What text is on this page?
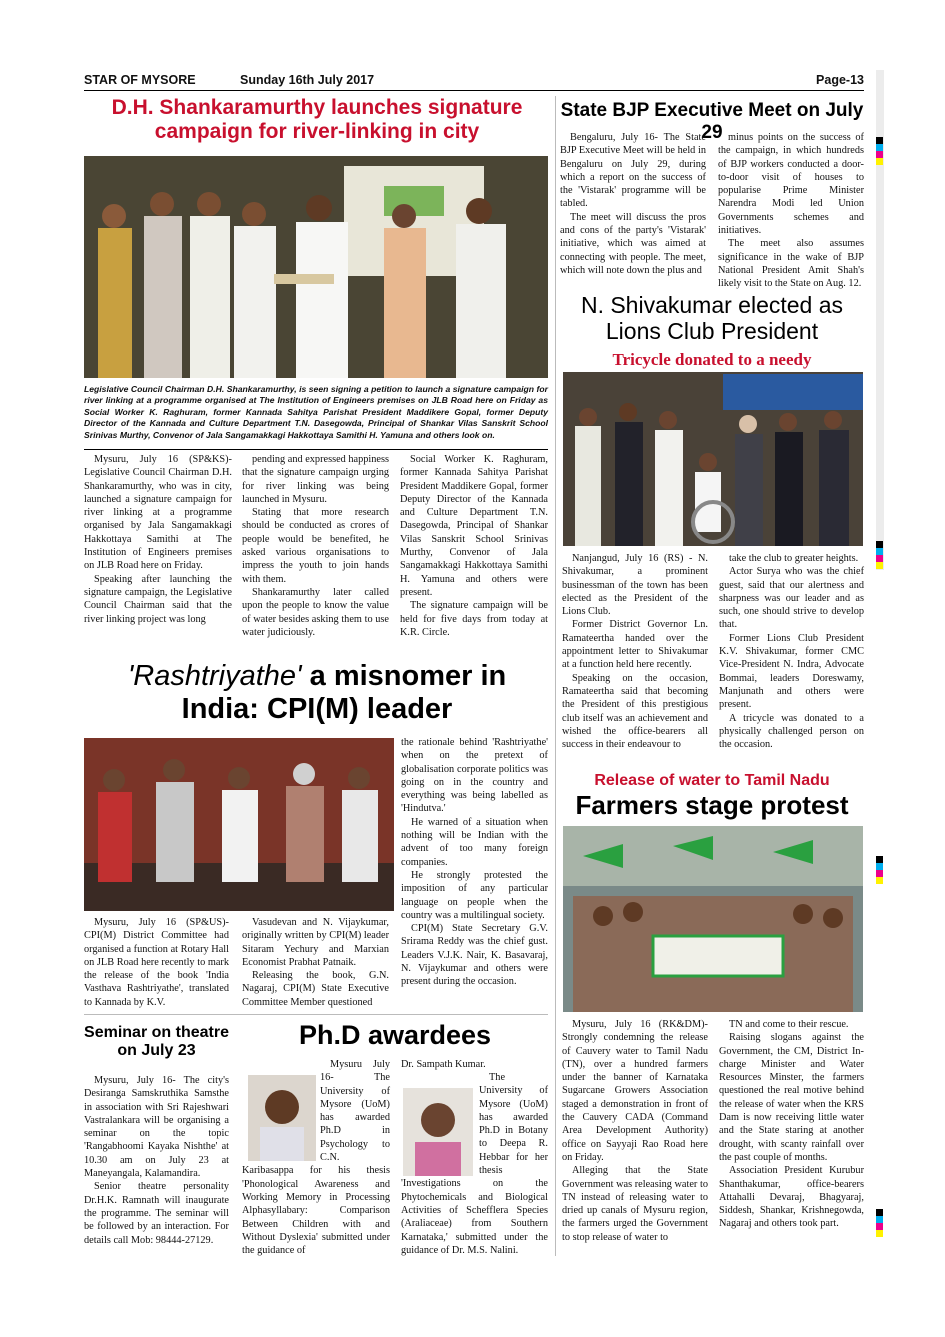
STAR OF MYSORE	Sunday 16th July 2017	Page-13
D.H. Shankaramurthy launches signature
campaign for river-linking in city
Legislative Council Chairman D.H. Shankaramurthy, is seen signing a petition to launch a signature campaign for river linking at a programme organised at The Institution of Engineers premises on JLB Road here on Friday as Social Worker K. Raghuram, former Kannada Sahitya Parishat President Maddikere Gopal, former Deputy Director of the Kannada and Culture Department T.N. Dasegowda, Principal of Shankar Vilas Sanskrit School Srinivas Murthy, Convenor of Jala Sangamakkagi Hakkottaya Samithi H. Yamuna and others look on.

Mysuru, July 16 (SP&KS)- Legislative Council Chairman D.H. Shankaramurthy, who was in city, launched a signature campaign for river linking at a programme organised by Jala Sangamakkagi Hakkottaya Samithi at The Institution of Engineers premises on JLB Road here on Friday.

Speaking after launching the signature campaign, the Legislative Council Chairman said that the river linking project was long

pending and expressed happiness that the signature campaign urging for river linking was being launched in Mysuru.

Stating that more research should be conducted as crores of people would be benefited, he asked various organisations to impress the youth to join hands with them.

Shankaramurthy later called upon the people to know the value of water besides asking them to use water judiciously.

Social Worker K. Raghuram, former Kannada Sahitya Parishat President Maddikere Gopal, former Deputy Director of the Kannada and Culture Department T.N. Dasegowda, Principal of Shankar Vilas Sanskrit School Srinivas Murthy, Convenor of Jala Sangamakkagi Hakkottaya Samithi H. Yamuna and others were present.

The signature campaign will be held for five days from today at K.R. Circle.

State BJP Executive Meet on July 29

Bengaluru, July 16- The State BJP Executive Meet will be held in Bengaluru on July 29, during which a report on the success of the 'Vistarak' programme will be tabled.

The meet will discuss the pros and cons of the party's 'Vistarak' initiative, which was aimed at connecting with people. The meet, which will note down the plus and

minus points on the success of the campaign, in which hundreds of BJP workers conducted a door-to-door visit of houses to popularise Prime Minister Narendra Modi led Union Governments schemes and initiatives.

The meet also assumes significance in the wake of BJP National President Amit Shah's likely visit to the State on Aug. 12.

N. Shivakumar elected as
Lions Club President
Tricycle donated to a needy

Nanjangud, July 16 (RS) - N. Shivakumar, a prominent businessman of the town has been elected as the President of the Lions Club.

Former District Governor Ln. Ramateertha handed over the appointment letter to Shivakumar at a function held here recently.

Speaking on the occasion, Ramateertha said that becoming the President of this prestigious club itself was an achievement and wished the office-bearers all success in their endeavour to

take the club to greater heights.

Actor Surya who was the chief guest, said that our alertness and sharpness was our leader and as such, one should strive to develop that.

Former Lions Club President K.V. Shivakumar, former CMC Vice-President N. Indra, Advocate Bommai, leaders Doreswamy, Manjunath and others were present.

A tricycle was donated to a physically challenged person on the occasion.

'Rashtriyathe' a misnomer in
India: CPI(M) leader

Mysuru, July 16 (SP&US)- CPI(M) District Committee had organised a function at Rotary Hall on JLB Road here recently to mark the release of the book 'India Vasthava Rashtriyathe', translated to Kannada by K.V.

Vasudevan and N. Vijaykumar, originally written by CPI(M) leader Sitaram Yechury and Marxian Economist Prabhat Patnaik.

Releasing the book, G.N. Nagaraj, CPI(M) State Executive Committee Member questioned

the rationale behind 'Rashtriyathe' when on the pretext of globalisation corporate politics was going on in the country and everything was being labelled as 'Hindutva.'

He warned of a situation when nothing will be Indian with the advent of too many foreign companies.

He strongly protested the imposition of any particular language on people when the country was a multilingual society.

CPI(M) State Secretary G.V. Srirama Reddy was the chief gust. Leaders V.J.K. Nair, K. Basavaraj, N. Vijaykumar and others were present during the occasion.

Seminar on theatre
on July 23

Mysuru, July 16- The city's Desiranga Samskruthika Samsthe in association with Sri Rajeshwari Vastralankara will be organising a seminar on the topic 'Rangabhoomi Kayaka Nishthe' at 10.30 am on July 23 at Maneyangala, Kalamandira.

Senior theatre personality Dr.H.K. Ramnath will inaugurate the programme. The seminar will be followed by an interaction. For details call Mob: 98444-27129.

Ph.D awardees

Mysuru July 16- The University of Mysore (UoM) has awarded Ph.D in Psychology to C.N. Karibasappa for his thesis 'Phonological Awareness and Working Memory in Processing Alphasyllabary: Comparison Between Children with and Without Dyslexia' submitted under the guidance of

Dr. Sampath Kumar.

The University of Mysore (UoM) has awarded Ph.D in Botany to Deepa R. Hebbar for her thesis 'Investigations on the Phytochemicals and Biological Activities of Schefflera Species (Araliaceae) from Southern Karnataka,' submitted under the guidance of Dr. M.S. Nalini.

Release of water to Tamil Nadu
Farmers stage protest

Mysuru, July 16 (RK&DM)- Strongly condemning the release of Cauvery water to Tamil Nadu (TN), over a hundred farmers under the banner of Karnataka Sugarcane Growers Association staged a demonstration in front of the Cauvery CADA (Command Area Development Authority) office on Sayyaji Rao Road here on Friday.

Alleging that the State Government was releasing water to TN instead of releasing water to dried up canals of Mysuru region, the farmers urged the Government to stop release of water to

TN and come to their rescue.

Raising slogans against the Government, the CM, District In- charge Minister and Water Resources Minster, the farmers questioned the real motive behind the release of water when the KRS Dam is now receiving little water and the State staring at another drought, with scanty rainfall over the past couple of months.

Association President Kurubur Shanthakumar, office-bearers Attahalli Devaraj, Bhagyaraj, Siddesh, Shankar, Krishnegowda, Nagaraj and others took part.
